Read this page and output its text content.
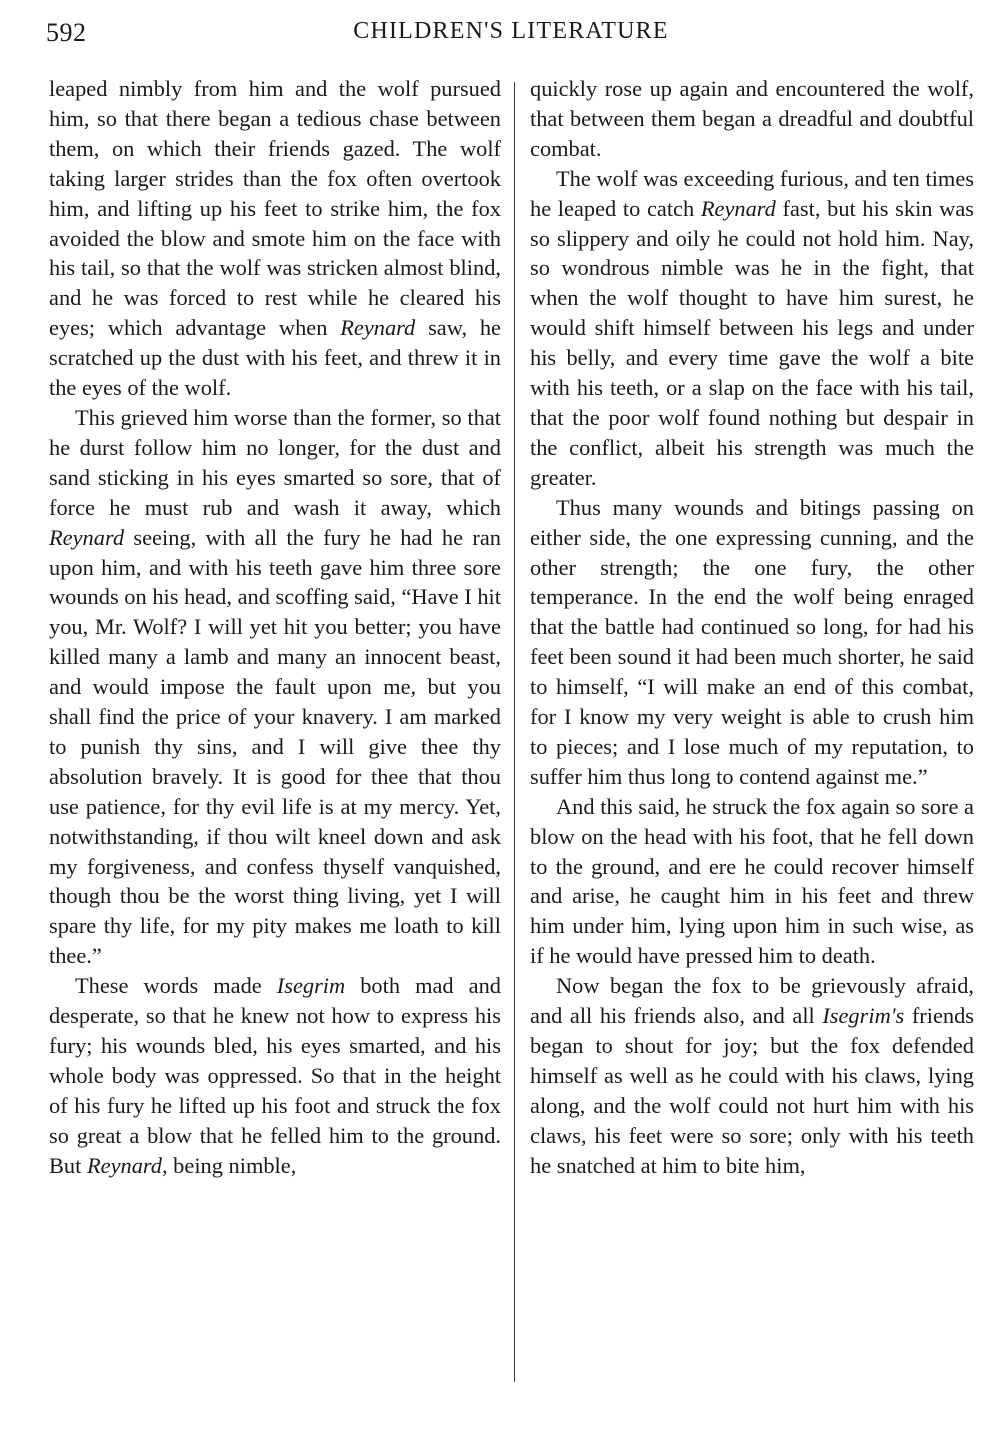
592	CHILDREN'S LITERATURE

leaped nimbly from him and the wolf pursued him, so that there began a tedious chase between them, on which their friends gazed. The wolf taking larger strides than the fox often overtook him, and lifting up his feet to strike him, the fox avoided the blow and smote him on the face with his tail, so that the wolf was stricken almost blind, and he was forced to rest while he cleared his eyes; which advantage when Reynard saw, he scratched up the dust with his feet, and threw it in the eyes of the wolf.

This grieved him worse than the former, so that he durst follow him no longer, for the dust and sand sticking in his eyes smarted so sore, that of force he must rub and wash it away, which Reynard seeing, with all the fury he had he ran upon him, and with his teeth gave him three sore wounds on his head, and scoffing said, “Have I hit you, Mr. Wolf? I will yet hit you better; you have killed many a lamb and many an innocent beast, and would impose the fault upon me, but you shall find the price of your knavery. I am marked to punish thy sins, and I will give thee thy absolution bravely. It is good for thee that thou use patience, for thy evil life is at my mercy. Yet, notwithstanding, if thou wilt kneel down and ask my forgiveness, and confess thyself vanquished, though thou be the worst thing living, yet I will spare thy life, for my pity makes me loath to kill thee.”

These words made Isegrim both mad and desperate, so that he knew not how to express his fury; his wounds bled, his eyes smarted, and his whole body was oppressed. So that in the height of his fury he lifted up his foot and struck the fox so great a blow that he felled him to the ground. But Reynard, being nimble,

quickly rose up again and encountered the wolf, that between them began a dreadful and doubtful combat.

The wolf was exceeding furious, and ten times he leaped to catch Reynard fast, but his skin was so slippery and oily he could not hold him. Nay, so wondrous nimble was he in the fight, that when the wolf thought to have him surest, he would shift himself between his legs and under his belly, and every time gave the wolf a bite with his teeth, or a slap on the face with his tail, that the poor wolf found nothing but despair in the conflict, albeit his strength was much the greater.

Thus many wounds and bitings passing on either side, the one expressing cunning, and the other strength; the one fury, the other temperance. In the end the wolf being enraged that the battle had continued so long, for had his feet been sound it had been much shorter, he said to himself, “I will make an end of this combat, for I know my very weight is able to crush him to pieces; and I lose much of my reputation, to suffer him thus long to contend against me.”

And this said, he struck the fox again so sore a blow on the head with his foot, that he fell down to the ground, and ere he could recover himself and arise, he caught him in his feet and threw him under him, lying upon him in such wise, as if he would have pressed him to death.

Now began the fox to be grievously afraid, and all his friends also, and all Isegrim's friends began to shout for joy; but the fox defended himself as well as he could with his claws, lying along, and the wolf could not hurt him with his claws, his feet were so sore; only with his teeth he snatched at him to bite him,
